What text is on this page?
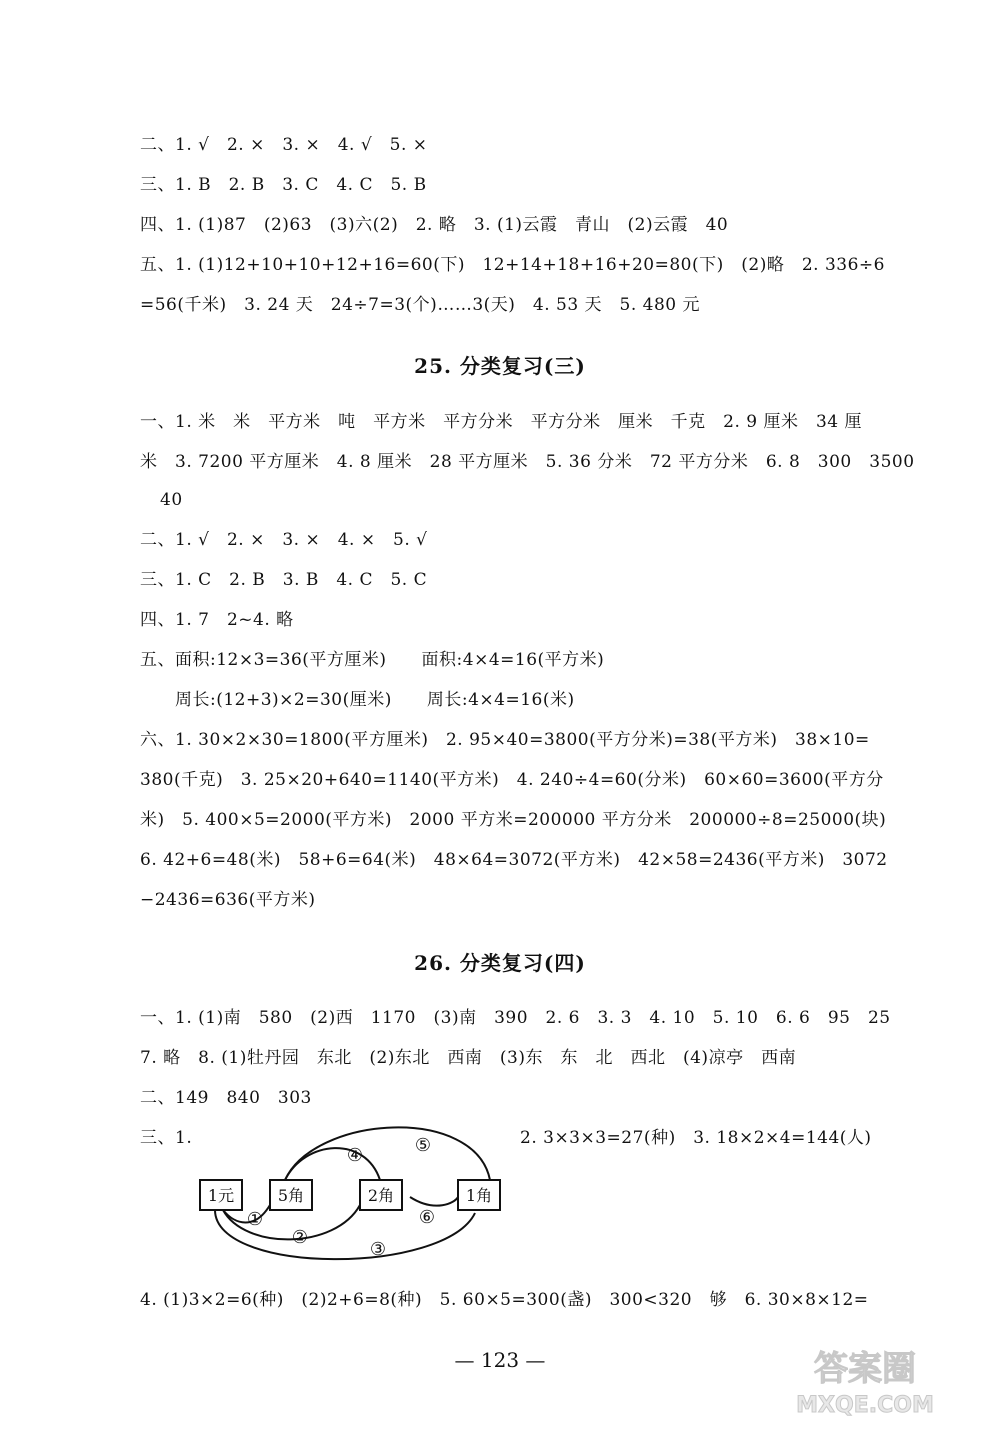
二、1. √　2. ×　3. ×　4. √　5. ×
三、1. B　2. B　3. C　4. C　5. B
四、1. (1)87　(2)63　(3)六(2)　2. 略　3. (1)云霞　青山　(2)云霞　40
五、1. (1)12+10+10+12+16=60(下)　12+14+18+16+20=80(下)　(2)略　2. 336÷6
=56(千米)　3. 24 天　24÷7=3(个)……3(天)　4. 53 天　5. 480 元
25. 分类复习(三)
一、1. 米　米　平方米　吨　平方米　平方分米　平方分米　厘米　千克　2. 9 厘米　34 厘
米　3. 7200 平方厘米　4. 8 厘米　28 平方厘米　5. 36 分米　72 平方分米　6. 8　300　3500
40
二、1. √　2. ×　3. ×　4. ×　5. √
三、1. C　2. B　3. B　4. C　5. C
四、1. 7　2~4. 略
五、面积:12×3=36(平方厘米)　　面积:4×4=16(平方米)
周长:(12+3)×2=30(厘米)　　周长:4×4=16(米)
六、1. 30×2×30=1800(平方厘米)　2. 95×40=3800(平方分米)=38(平方米)　38×10=
380(千克)　3. 25×20+640=1140(平方米)　4. 240÷4=60(分米)　60×60=3600(平方分
米)　5. 400×5=2000(平方米)　2000 平方米=200000 平方分米　200000÷8=25000(块)
6. 42+6=48(米)　58+6=64(米)　48×64=3072(平方米)　42×58=2436(平方米)　3072
−2436=636(平方米)
26. 分类复习(四)
一、1. (1)南　580　(2)西　1170　(3)南　390　2. 6　3. 3　4. 10　5. 10　6. 6　95　25
7. 略　8. (1)牡丹园　东北　(2)东北　西南　(3)东　东　北　西北　(4)凉亭　西南
二、149　840　303
三、1.	2. 3×3×3=27(种)　3. 18×2×4=144(人)
1元	5角	2角	1角
①
②
③
④	⑤
⑥
4. (1)3×2=6(种)　(2)2+6=8(种)　5. 60×5=300(盏)　300<320　够　6. 30×8×12=
— 123 —	答案圈
MXQE.COM
